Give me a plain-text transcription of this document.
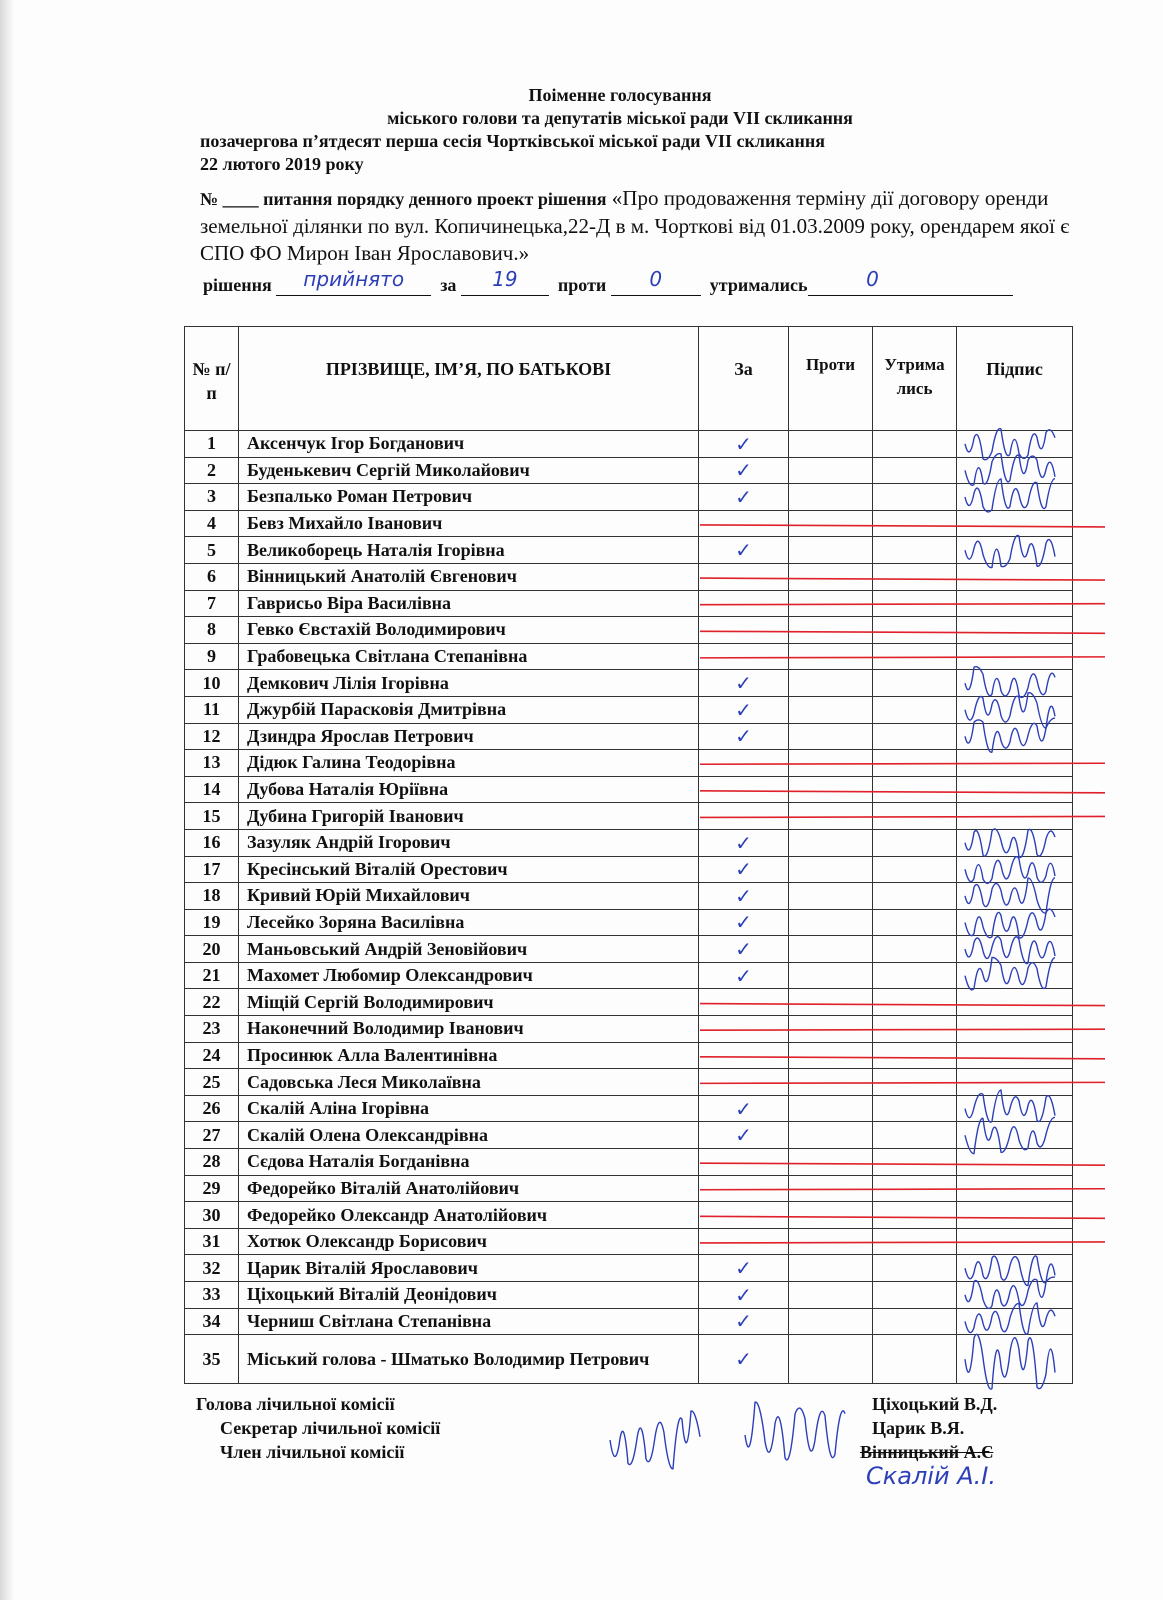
Поіменне голосування
міського голови та депутатів міської ради VII скликання
позачергова п’ятдесят перша сесія Чортківської міської ради VII скликання
22 лютого 2019 року
№ ____ питання порядку денного проект рішення «Про продоваження терміну дії договору оренди земельної ділянки по вул. Копичинецька,22-Д в м. Чорткові від 01.03.2009 року, орендарем якої є СПО ФО Мирон Іван Ярославович.»
рішення	прийнято	за	19	проти	0	утримались	0
№ п/п	ПРІЗВИЩЕ, ІМ’Я, ПО БАТЬКОВІ	За	Проти	Утримались	Підпис
1	Аксенчук Ігор Богданович	✓			
2	Буденькевич Сергій Миколайович	✓			
3	Безпалько Роман Петрович	✓			
4	Бевз Михайло Іванович				
5	Великоборець Наталія Ігорівна	✓			
6	Вінницький Анатолій Євгенович				
7	Гаврисьо Віра Василівна				
8	Гевко Євстахій Володимирович				
9	Грабовецька Світлана Степанівна				
10	Демкович Лілія Ігорівна	✓			
11	Джурбій Парасковія Дмитрівна	✓			
12	Дзиндра Ярослав Петрович	✓			
13	Дідюк Галина Теодорівна				
14	Дубова Наталія Юріївна				
15	Дубина Григорій Іванович				
16	Зазуляк Андрій Ігорович	✓			
17	Кресінський Віталій Орестович	✓			
18	Кривий Юрій Михайлович	✓			
19	Лесейко Зоряна Василівна	✓			
20	Маньовський Андрій Зеновійович	✓			
21	Махомет Любомир Олександрович	✓			
22	Міщій Сергій Володимирович				
23	Наконечний Володимир Іванович				
24	Просинюк Алла Валентинівна				
25	Садовська Леся Миколаївна				
26	Скалій Аліна Ігорівна	✓			
27	Скалій Олена Олександрівна	✓			
28	Сєдова Наталія Богданівна				
29	Федорейко Віталій Анатолійович				
30	Федорейко Олександр Анатолійович				
31	Хотюк Олександр Борисович				
32	Царик Віталій Ярославович	✓			
33	Ціхоцький Віталій Деонідович	✓			
34	Черниш Світлана Степанівна	✓			
35	Міський голова - Шматько Володимир Петрович	✓			
Голова лічильної комісії
Секретар лічильної комісії
Член лічильної комісії
Ціхоцький В.Д.
Царик В.Я.
Вінницький А.Є
Скалій А.І.
